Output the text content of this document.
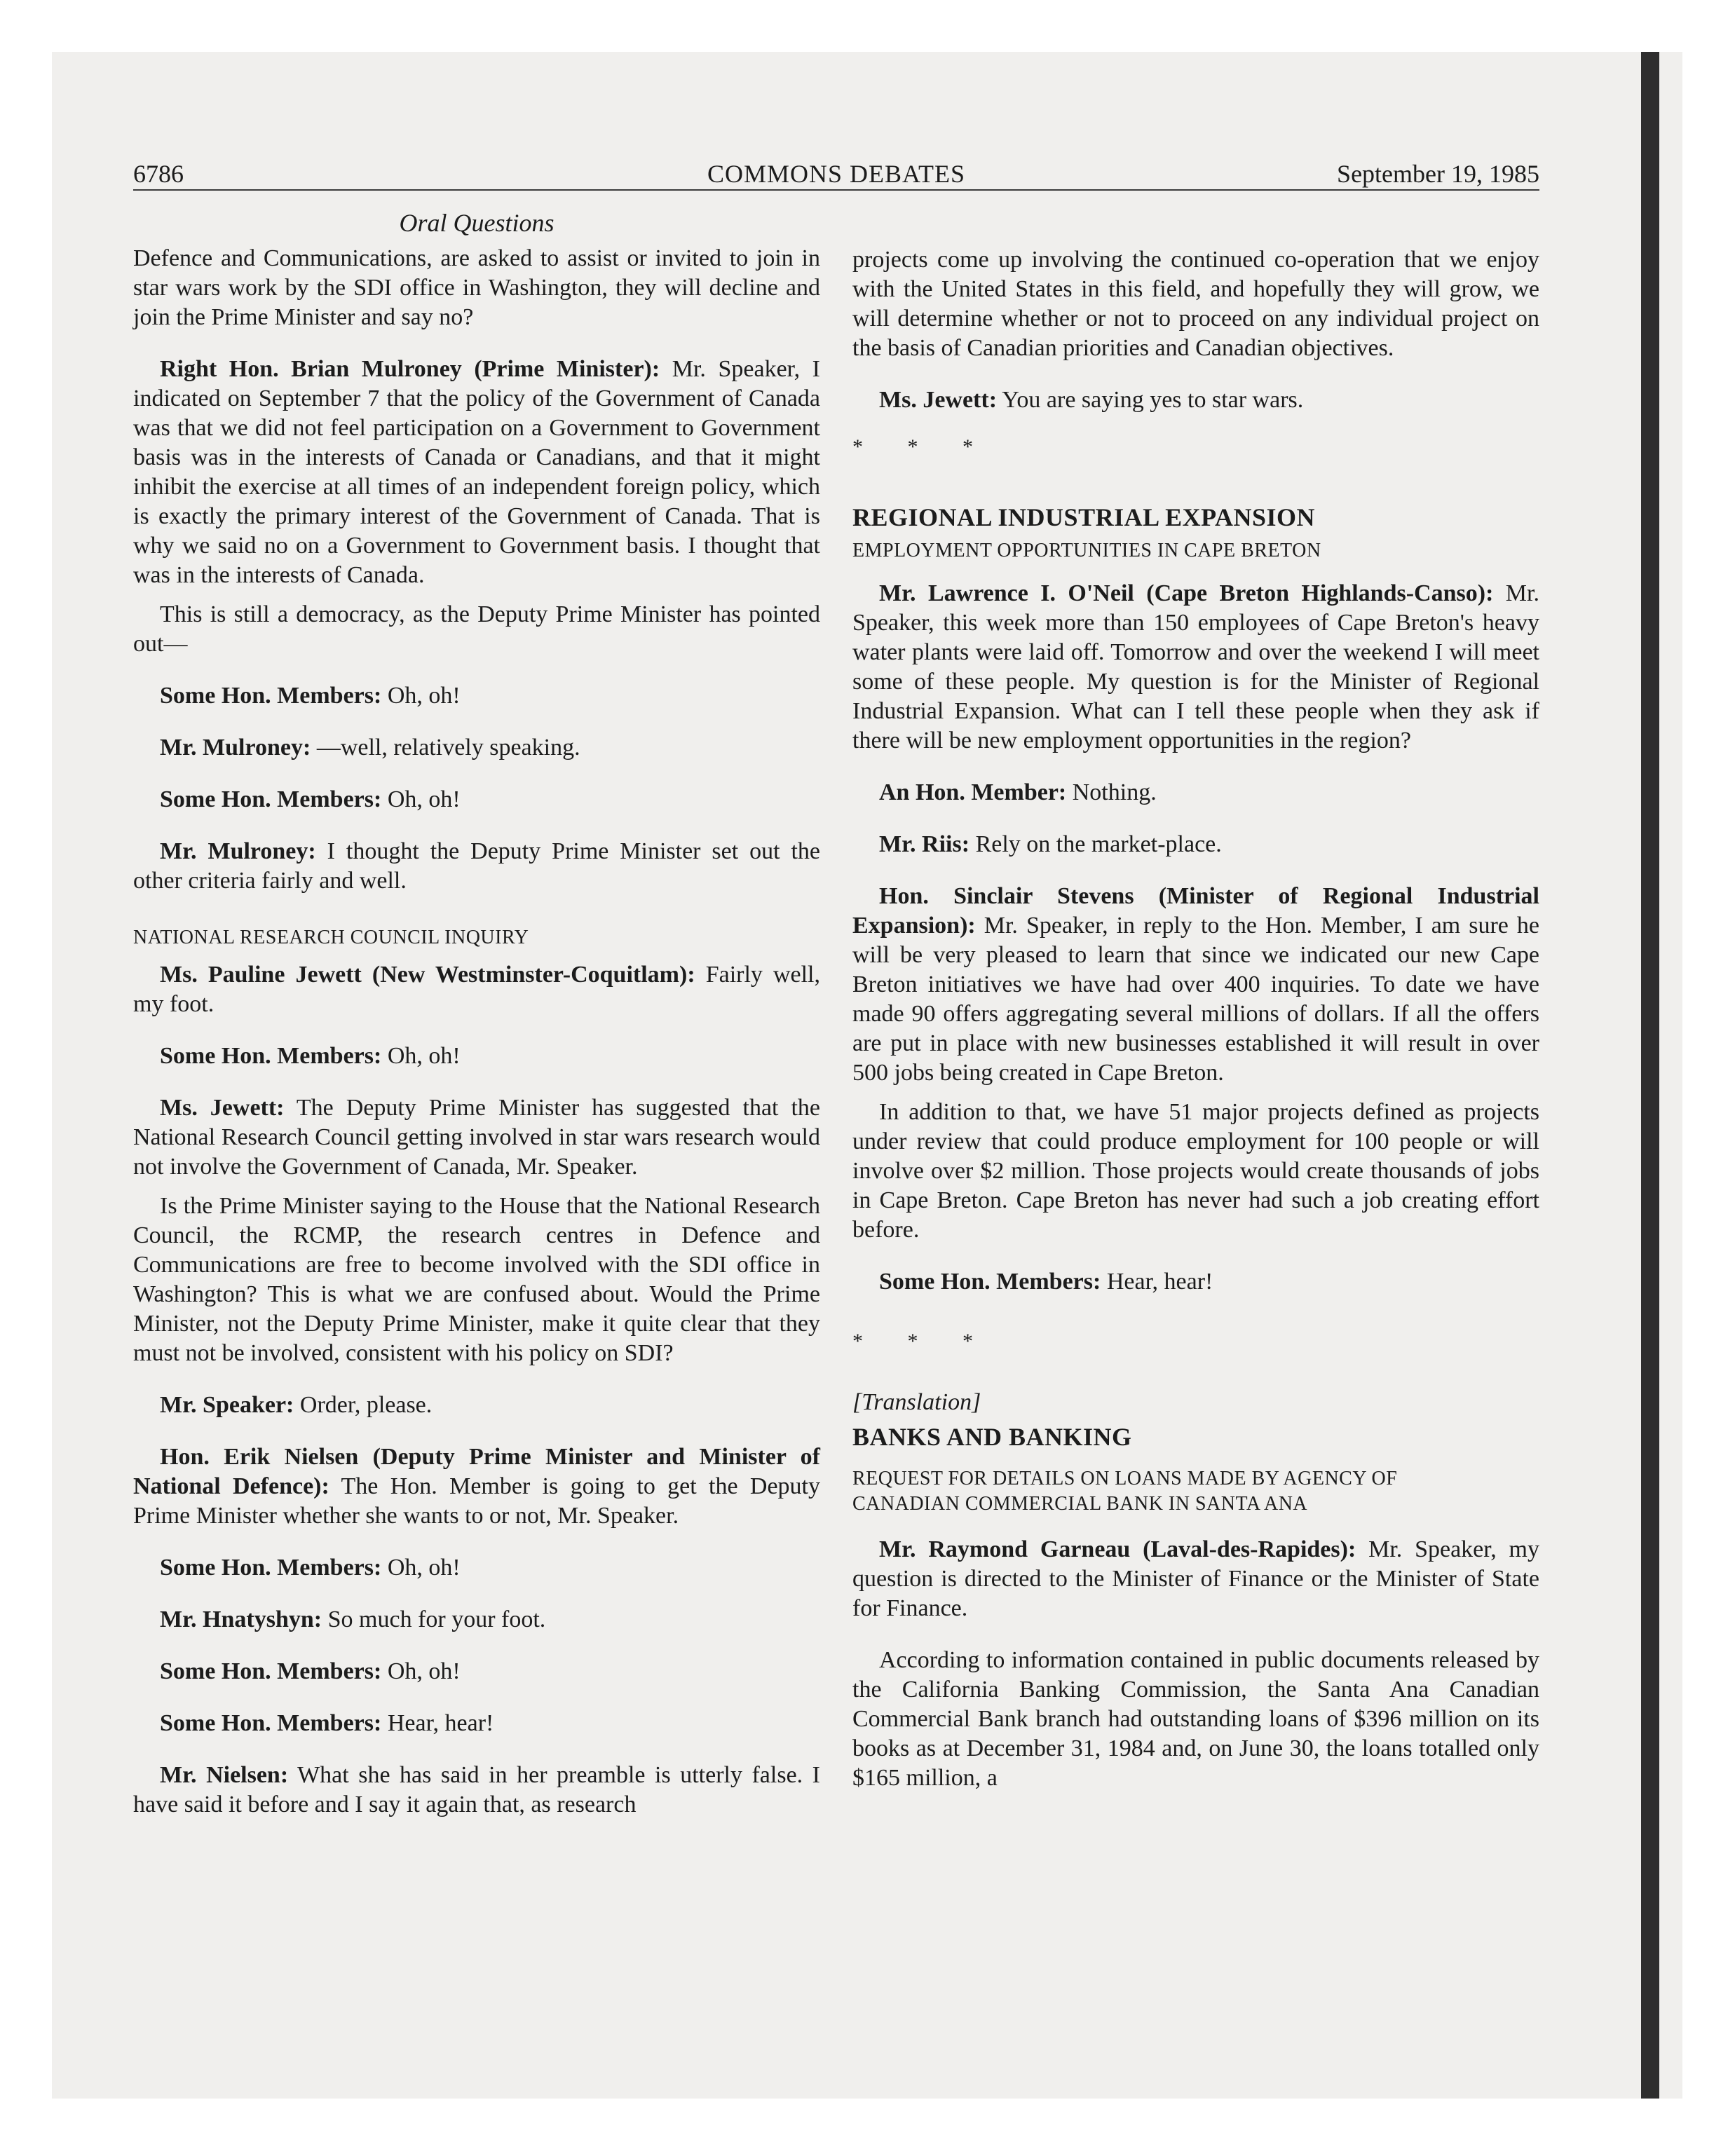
6786	COMMONS DEBATES	September 19, 1985
Oral Questions

Defence and Communications, are asked to assist or invited to join in star wars work by the SDI office in Washington, they will decline and join the Prime Minister and say no?

Right Hon. Brian Mulroney (Prime Minister): Mr. Speaker, I indicated on September 7 that the policy of the Government of Canada was that we did not feel participation on a Government to Government basis was in the interests of Canada or Canadians, and that it might inhibit the exercise at all times of an independent foreign policy, which is exactly the primary interest of the Government of Canada. That is why we said no on a Government to Government basis. I thought that was in the interests of Canada.

This is still a democracy, as the Deputy Prime Minister has pointed out—

Some Hon. Members: Oh, oh!

Mr. Mulroney: —well, relatively speaking.

Some Hon. Members: Oh, oh!

Mr. Mulroney: I thought the Deputy Prime Minister set out the other criteria fairly and well.

NATIONAL RESEARCH COUNCIL INQUIRY

Ms. Pauline Jewett (New Westminster-Coquitlam): Fairly well, my foot.

Some Hon. Members: Oh, oh!

Ms. Jewett: The Deputy Prime Minister has suggested that the National Research Council getting involved in star wars research would not involve the Government of Canada, Mr. Speaker.

Is the Prime Minister saying to the House that the National Research Council, the RCMP, the research centres in Defence and Communications are free to become involved with the SDI office in Washington? This is what we are confused about. Would the Prime Minister, not the Deputy Prime Minister, make it quite clear that they must not be involved, consistent with his policy on SDI?

Mr. Speaker: Order, please.

Hon. Erik Nielsen (Deputy Prime Minister and Minister of National Defence): The Hon. Member is going to get the Deputy Prime Minister whether she wants to or not, Mr. Speaker.

Some Hon. Members: Oh, oh!

Mr. Hnatyshyn: So much for your foot.

Some Hon. Members: Oh, oh!

Some Hon. Members: Hear, hear!

Mr. Nielsen: What she has said in her preamble is utterly false. I have said it before and I say it again that, as research

projects come up involving the continued co-operation that we enjoy with the United States in this field, and hopefully they will grow, we will determine whether or not to proceed on any individual project on the basis of Canadian priorities and Canadian objectives.

Ms. Jewett: You are saying yes to star wars.

* * *

REGIONAL INDUSTRIAL EXPANSION

EMPLOYMENT OPPORTUNITIES IN CAPE BRETON

Mr. Lawrence I. O'Neil (Cape Breton Highlands-Canso): Mr. Speaker, this week more than 150 employees of Cape Breton's heavy water plants were laid off. Tomorrow and over the weekend I will meet some of these people. My question is for the Minister of Regional Industrial Expansion. What can I tell these people when they ask if there will be new employment opportunities in the region?

An Hon. Member: Nothing.

Mr. Riis: Rely on the market-place.

Hon. Sinclair Stevens (Minister of Regional Industrial Expansion): Mr. Speaker, in reply to the Hon. Member, I am sure he will be very pleased to learn that since we indicated our new Cape Breton initiatives we have had over 400 inquiries. To date we have made 90 offers aggregating several millions of dollars. If all the offers are put in place with new businesses established it will result in over 500 jobs being created in Cape Breton.

In addition to that, we have 51 major projects defined as projects under review that could produce employment for 100 people or will involve over $2 million. Those projects would create thousands of jobs in Cape Breton. Cape Breton has never had such a job creating effort before.

Some Hon. Members: Hear, hear!

* * *

[Translation]

BANKS AND BANKING

REQUEST FOR DETAILS ON LOANS MADE BY AGENCY OF
CANADIAN COMMERCIAL BANK IN SANTA ANA

Mr. Raymond Garneau (Laval-des-Rapides): Mr. Speaker, my question is directed to the Minister of Finance or the Minister of State for Finance.

According to information contained in public documents released by the California Banking Commission, the Santa Ana Canadian Commercial Bank branch had outstanding loans of $396 million on its books as at December 31, 1984 and, on June 30, the loans totalled only $165 million, a
